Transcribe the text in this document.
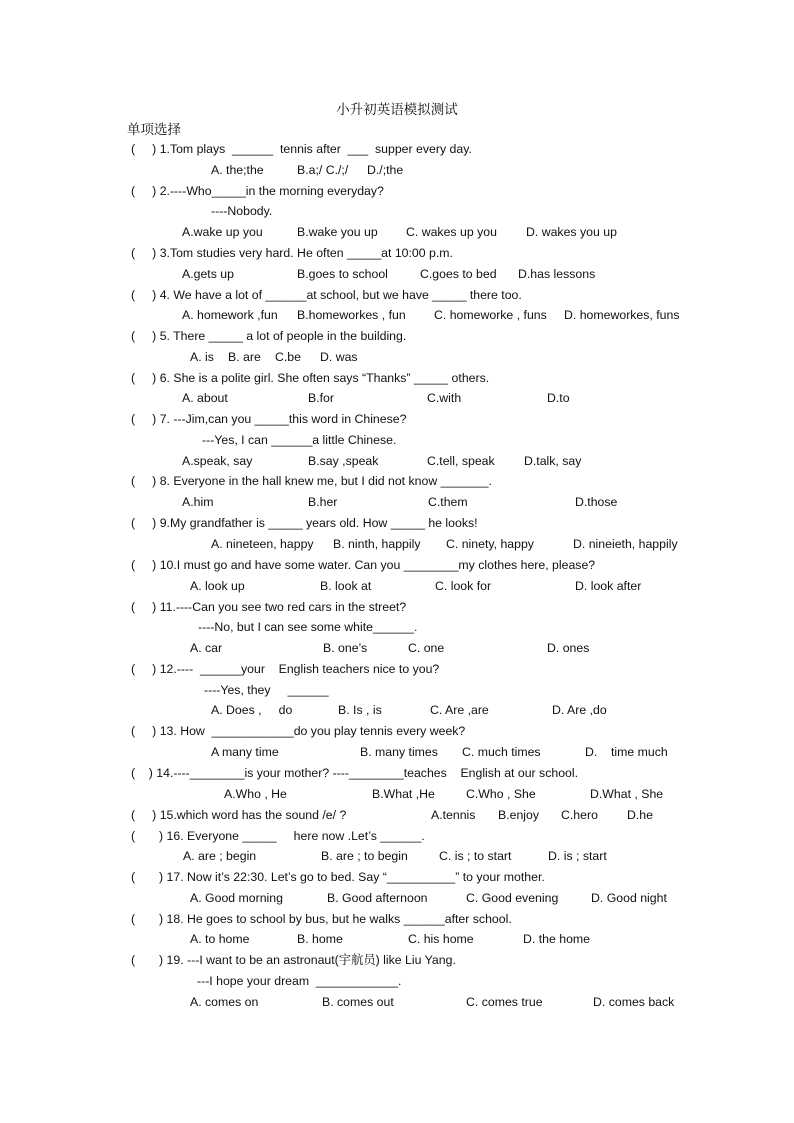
小升初英语模拟测试
单项选择
(     ) 1.Tom plays  ______  tennis after  ___  supper every day.
A. the;the	B.a;/ C./;/ D./;the
(     ) 2.----Who_____in the morning everyday?
----Nobody.
A.wake up you	B.wake you up C. wakes up you D. wakes you up
(     ) 3.Tom studies very hard. He often _____at 10:00 p.m.
A.gets up	B.goes to school	C.goes to bed D.has lessons
(     ) 4. We have a lot of ______at school, but we have _____ there too.
A. homework ,fun B.homeworkes , fun C. homeworke , funs D. homeworkes, funs
(     ) 5. There _____ a lot of people in the building.
A. is B. are C.be D. was
(     ) 6. She is a polite girl. She often says “Thanks” _____ others.
A. about	B.for	C.with	D.to
(     ) 7. ---Jim,can you _____this word in Chinese?
---Yes, I can ______a little Chinese.
A.speak, say	B.say ,speak	C.tell, speak D.talk, say
(     ) 8. Everyone in the hall knew me, but I did not know _______.
A.him	B.her	C.them	D.those
(     ) 9.My grandfather is _____ years old. How _____ he looks!
A. nineteen, happy B. ninth, happily C. ninety, happy	D. nineieth, happily
(     ) 10.I must go and have some water. Can you ________my clothes here, please?
A. look up	B. look at	C. look for	D. look after
(     ) 11.----Can you see two red cars in the street?
----No, but I can see some white______.
A. car	B. one’s	C. one	D. ones
(     ) 12.----  ______your    English teachers nice to you?
----Yes, they     ______
A. Does ,     do	B. Is , is	C. Are ,are	D. Are ,do
(     ) 13. How  ____________do you play tennis every week?
A many time	B. many times C. much times	D.    time much
(    ) 14.----________is your mother? ----________teaches    English at our school.
A.Who , He	B.What ,He	C.Who , She	D.What , She
(     ) 15.which word has the sound /e/ ?	A.tennis B.enjoy C.hero D.he
(       ) 16. Everyone _____     here now .Let’s ______.
A. are ; begin	B. are ; to begin	C. is ; to start	D. is ; start
(       ) 17. Now it’s 22:30. Let’s go to bed. Say “__________” to your mother.
A. Good morning	B. Good afternoon	C. Good evening	D. Good night
(       ) 18. He goes to school by bus, but he walks ______after school.
A. to home	B. home	C. his home	D. the home
(       ) 19. ---I want to be an astronaut(宇航员) like Liu Yang.
---I hope your dream  ____________.
A. comes on	B. comes out	C. comes true	D. comes back
